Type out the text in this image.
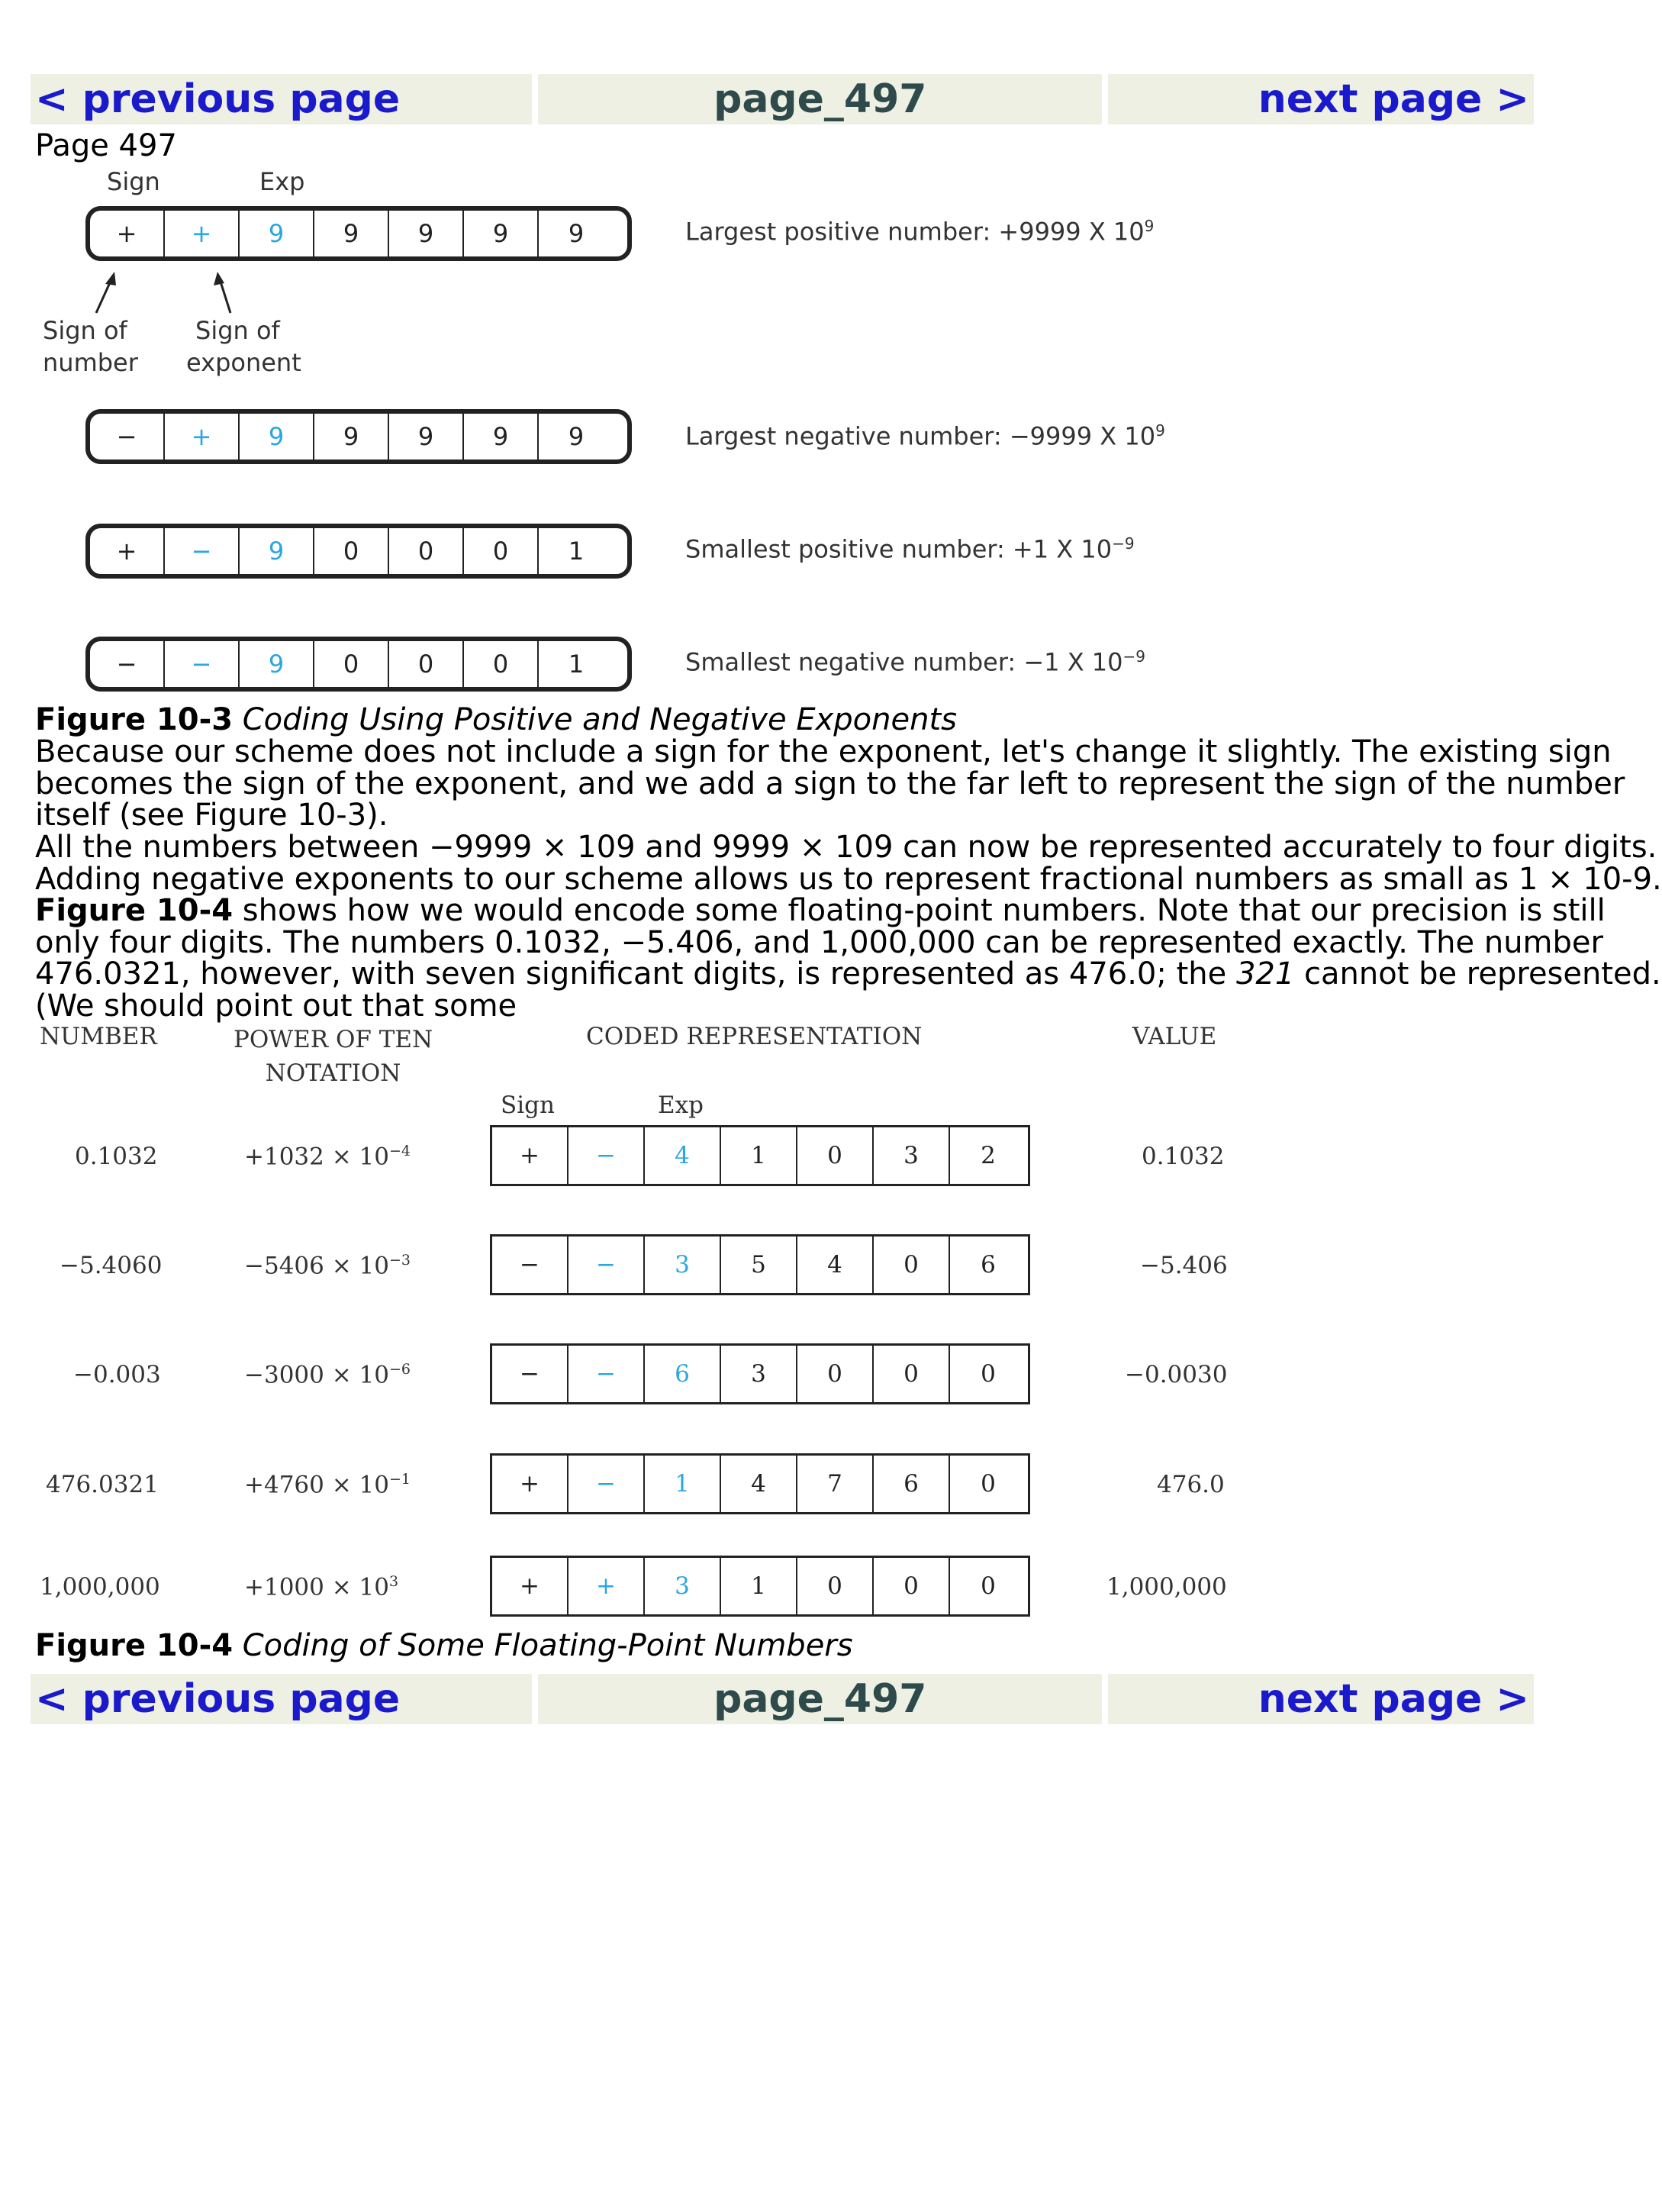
< previous page	page_497	next page >
Page 497
Sign	Exp
+	+	9	9	9	9	9	Largest positive number: +9999 X $10^9$
Sign of
number
Sign of
exponent
−	+	9	9	9	9	9	Largest negative number: −9999 X $10^9$
+	−	9	0	0	0	1	Smallest positive number: +1 X $10^{-9}$
−	−	9	0	0	0	1	Smallest negative number: −1 X $10^{-9}$
Figure 10-3 Coding Using Positive and Negative Exponents
Because our scheme does not include a sign for the exponent, let's change it slightly. The existing sign
becomes the sign of the exponent, and we add a sign to the far left to represent the sign of the number
itself (see Figure 10-3).
All the numbers between −9999 × 109 and 9999 × 109 can now be represented accurately to four digits.
Adding negative exponents to our scheme allows us to represent fractional numbers as small as 1 × 10-9.
Figure 10-4 shows how we would encode some floating-point numbers. Note that our precision is still
only four digits. The numbers 0.1032, −5.406, and 1,000,000 can be represented exactly. The number
476.0321, however, with seven significant digits, is represented as 476.0; the 321 cannot be represented.
(We should point out that some
NUMBER	POWER OF TEN
NOTATION
CODED REPRESENTATION	VALUE
Sign	Exp
0.1032	$+1032 \times 10^{-4}$	+	−	4	1	0	3	2	0.1032
−5.4060	$-5406 \times 10^{-3}$	−	−	3	5	4	0	6	−5.406
−0.003	$-3000 \times 10^{-6}$	−	−	6	3	0	0	0	−0.0030
476.0321	$+4760 \times 10^{-1}$	+	−	1	4	7	6	0	476.0
1,000,000	$+1000 \times 10^3$	+	+	3	1	0	0	0	1,000,000
Figure 10-4 Coding of Some Floating-Point Numbers
< previous page	page_497	next page >
